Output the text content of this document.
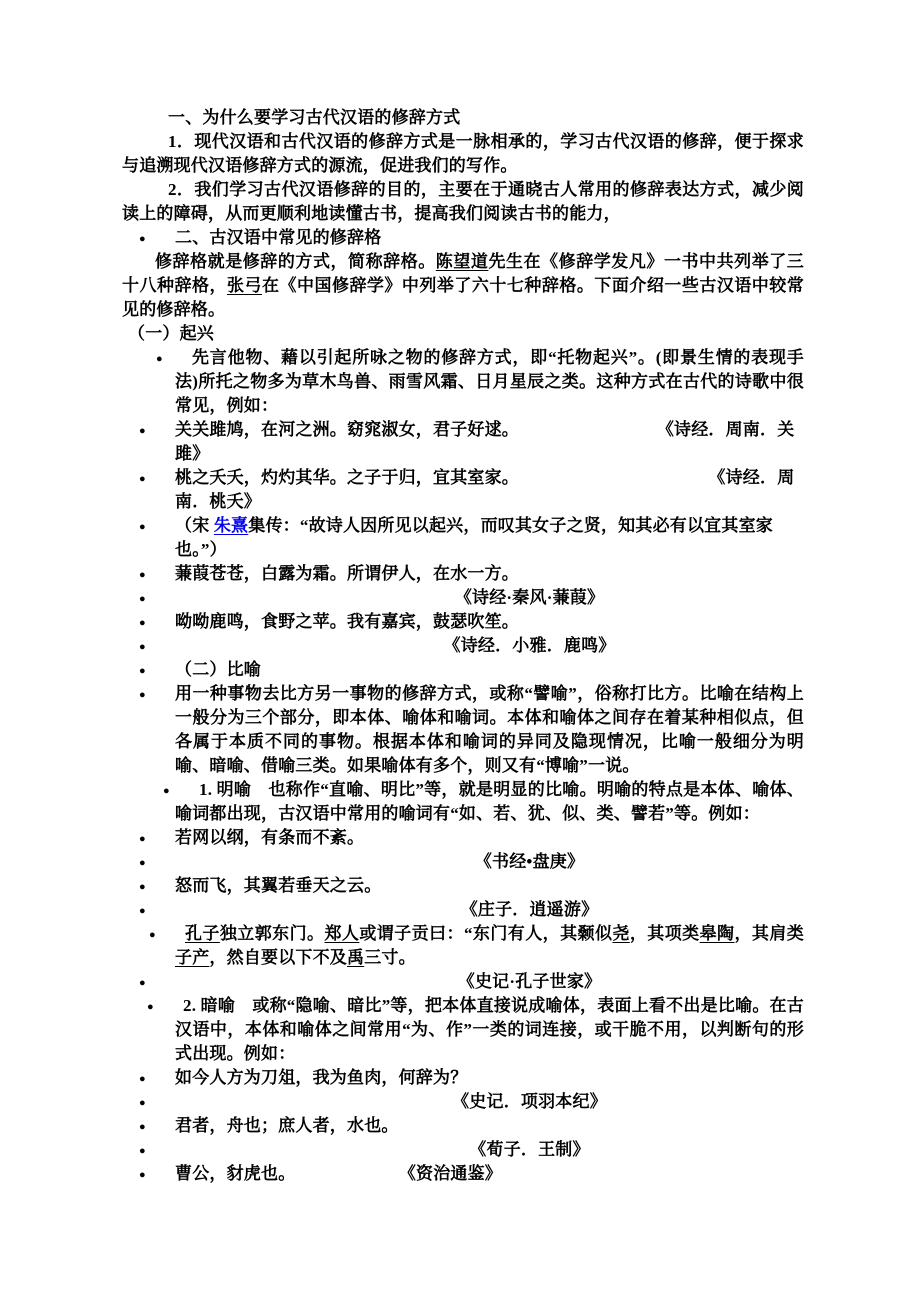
一、为什么要学习古代汉语的修辞方式
1．现代汉语和古代汉语的修辞方式是一脉相承的，学习古代汉语的修辞，便于探求与追溯现代汉语修辞方式的源流，促进我们的写作。
2．我们学习古代汉语修辞的目的，主要在于通晓古人常用的修辞表达方式，减少阅读上的障碍，从而更顺利地读懂古书，提高我们阅读古书的能力，
● 二、古汉语中常见的修辞格
修辞格就是修辞的方式，简称辞格。陈望道先生在《修辞学发凡》一书中共列举了三十八种辞格，张弓在《中国修辞学》中列举了六十七种辞格。下面介绍一些古汉语中较常见的修辞格。
（一）起兴
● 先言他物、藉以引起所咏之物的修辞方式，即“托物起兴”。(即景生情的表现手法)所托之物多为草木鸟兽、雨雪风霜、日月星辰之类。这种方式在古代的诗歌中很常见，例如：
● 关关雎鸠，在河之洲。窈窕淑女，君子好逑。　　　　　　　　　	《诗经．周南．关雎》
● 桃之夭夭，灼灼其华。之子于归，宜其室家。　　　　　　　　　　　　	《诗经．周南．桃夭》
● （宋 朱熹集传：“故诗人因所见以起兴，而叹其女子之贤，知其必有以宜其室家也。”）
● 蒹葭苍苍，白露为霜。所谓伊人，在水一方。
●	《诗经·秦风·蒹葭》
● 呦呦鹿鸣，食野之苹。我有嘉宾，鼓瑟吹笙。
●	《诗经．小雅．鹿鸣》
● （二）比喻
● 用一种事物去比方另一事物的修辞方式，或称“譬喻”，俗称打比方。比喻在结构上一般分为三个部分，即本体、喻体和喻词。本体和喻体之间存在着某种相似点，但各属于本质不同的事物。根据本体和喻词的异同及隐现情况，比喻一般细分为明喻、暗喻、借喻三类。如果喻体有多个，则又有“博喻”一说。
● 1. 明喻　也称作“直喻、明比”等，就是明显的比喻。明喻的特点是本体、喻体、喻词都出现，古汉语中常用的喻词有“如、若、犹、似、类、譬若”等。例如：
● 若网以纲，有条而不紊。
●	《书经•盘庚》
● 怒而飞，其翼若垂天之云。
●	《庄子．逍遥游》
● 孔子独立郭东门。郑人或谓子贡曰：“东门有人，其颡似尧，其项类皋陶，其肩类子产，然自要以下不及禹三寸。
●	《史记·孔子世家》
● 2. 暗喻　或称“隐喻、暗比”等，把本体直接说成喻体，表面上看不出是比喻。在古汉语中，本体和喻体之间常用“为、作”一类的词连接，或干脆不用，以判断句的形式出现。例如：
● 如今人方为刀俎，我为鱼肉，何辞为？
●	《史记．项羽本纪》
● 君者，舟也；庶人者，水也。
●	《荀子．王制》
● 曹公，豺虎也。　　　　　　　	《资治通鉴》
